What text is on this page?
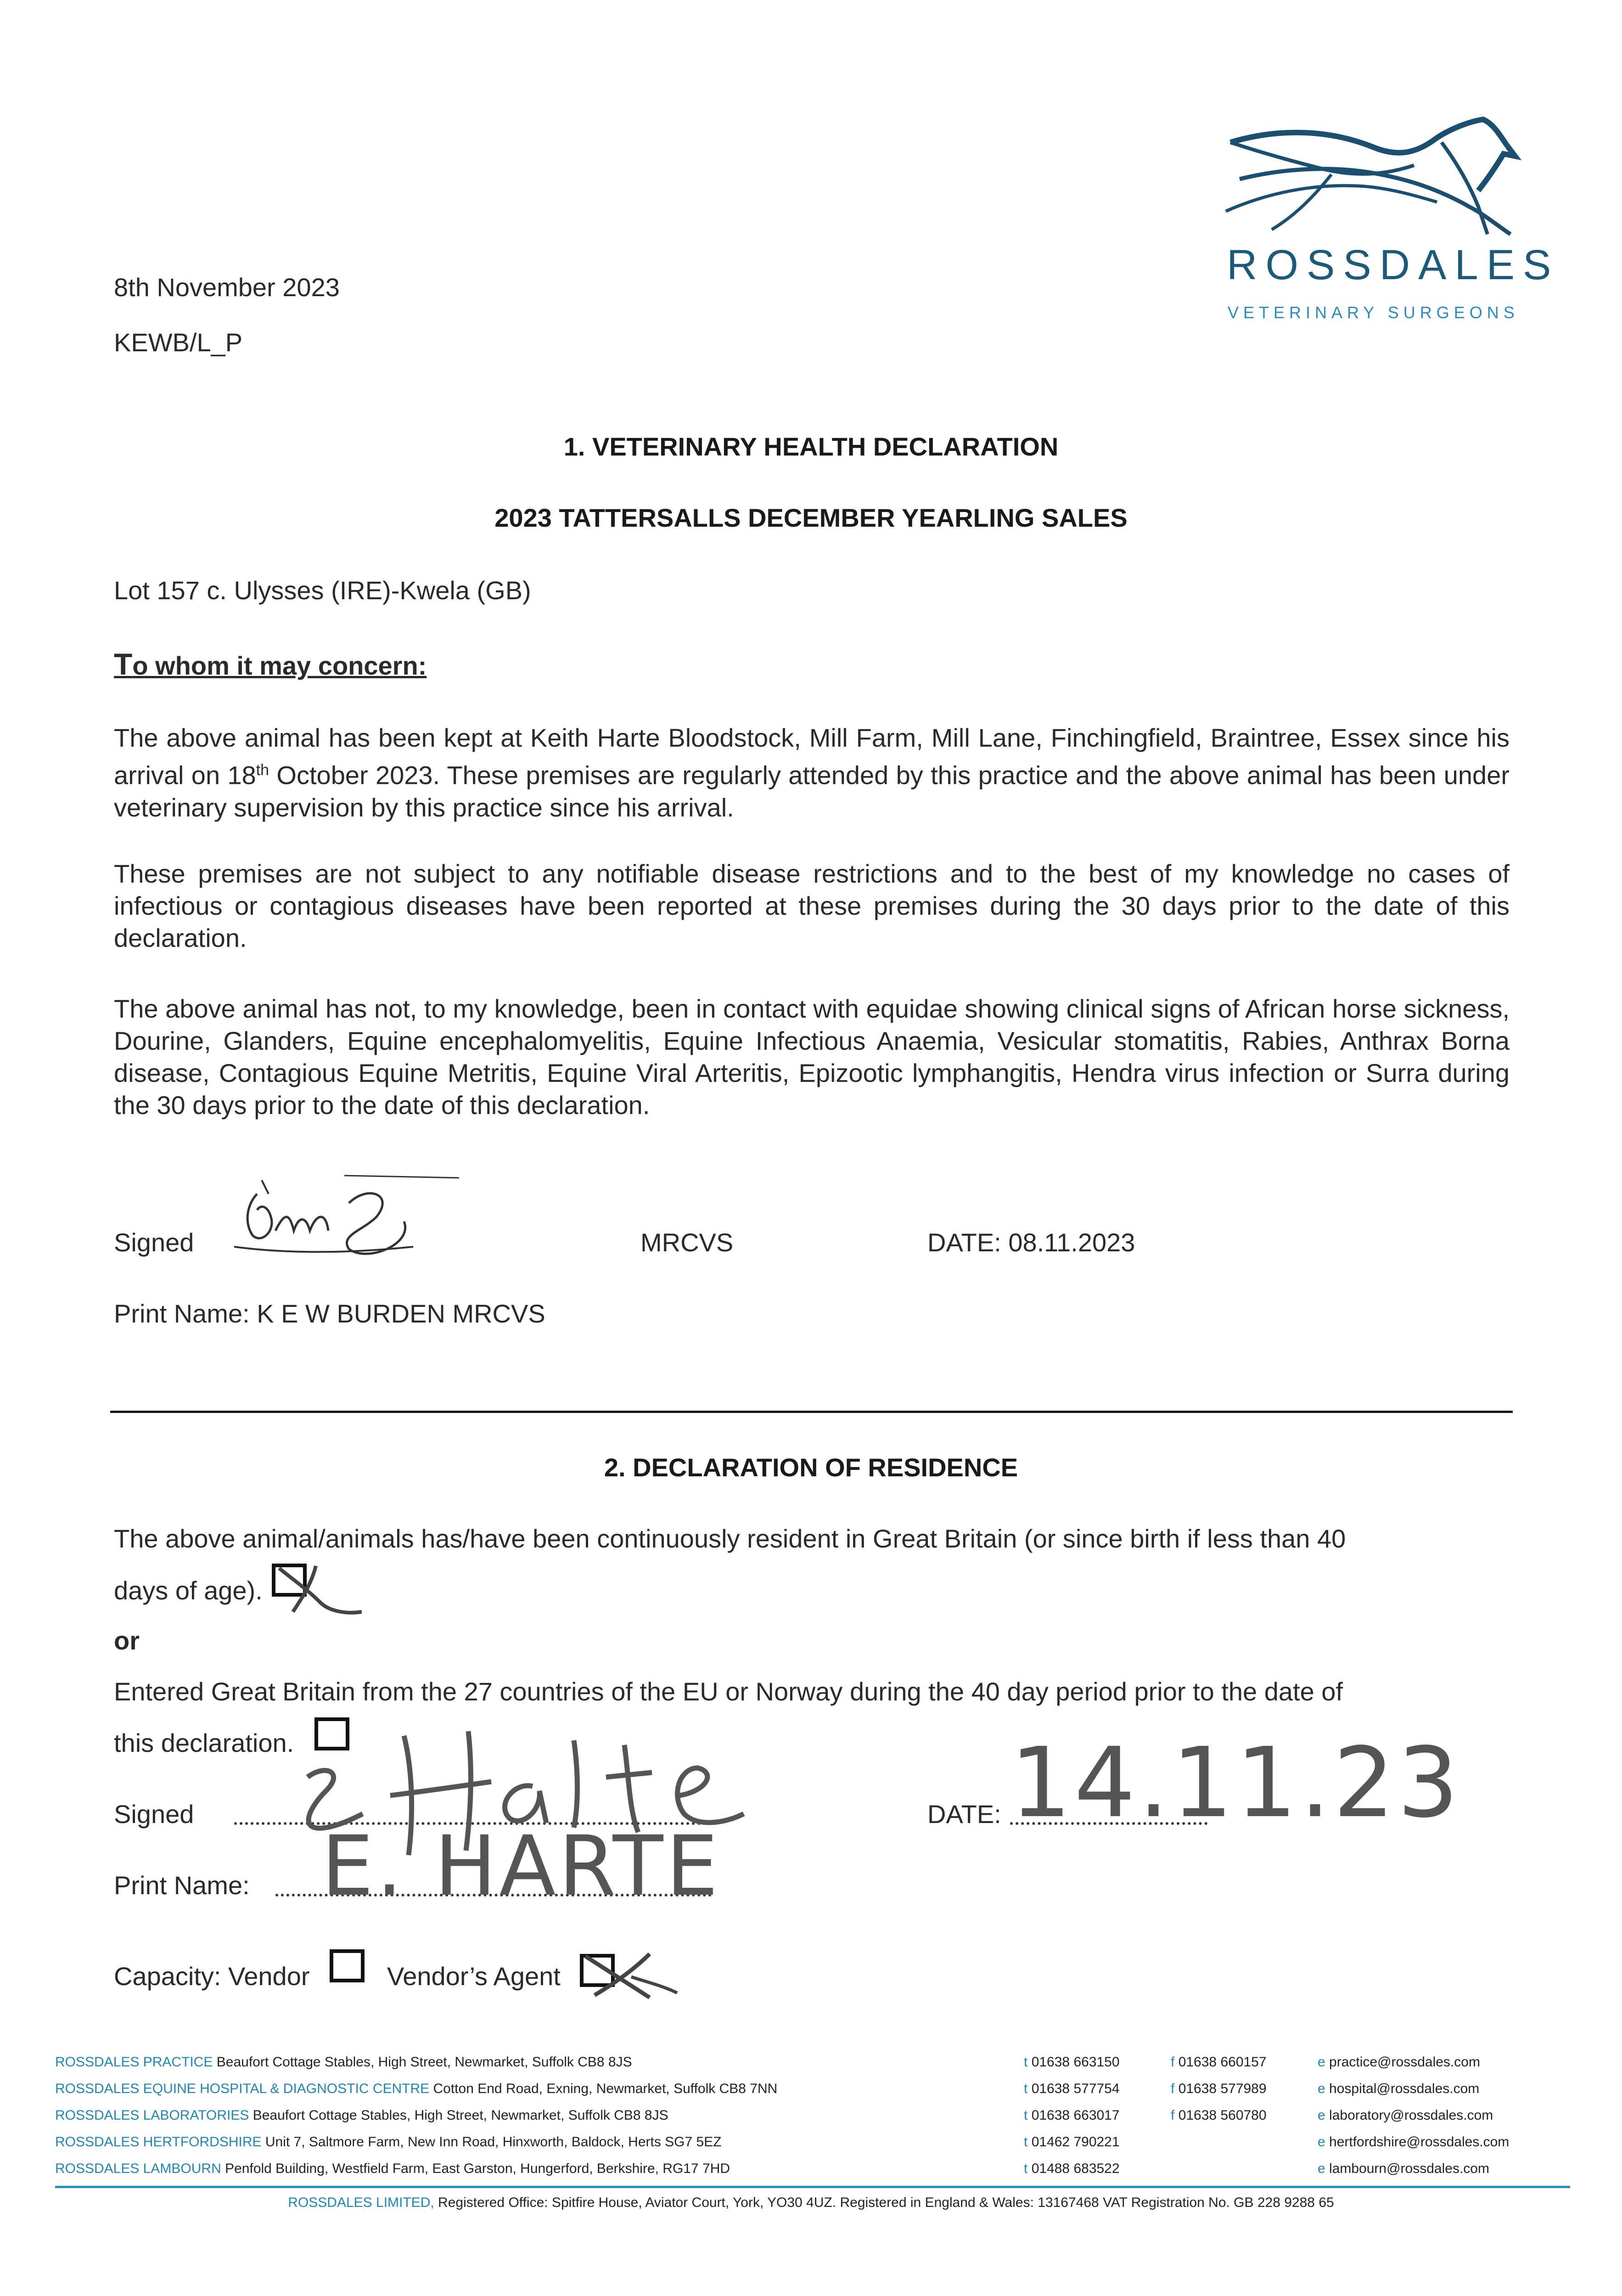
ROSSDALES
VETERINARY SURGEONS
8th November 2023
KEWB/L_P
1. VETERINARY HEALTH DECLARATION
2023 TATTERSALLS DECEMBER YEARLING SALES
Lot 157 c. Ulysses (IRE)-Kwela (GB)
To whom it may concern:
The above animal has been kept at Keith Harte Bloodstock, Mill Farm, Mill Lane, Finchingfield, Braintree, Essex since his arrival on 18th October 2023. These premises are regularly attended by this practice and the above animal has been under veterinary supervision by this practice since his arrival.
These premises are not subject to any notifiable disease restrictions and to the best of my knowledge no cases of infectious or contagious diseases have been reported at these premises during the 30 days prior to the date of this declaration.
The above animal has not, to my knowledge, been in contact with equidae showing clinical signs of African horse sickness, Dourine, Glanders, Equine encephalomyelitis, Equine Infectious Anaemia, Vesicular stomatitis, Rabies, Anthrax Borna disease, Contagious Equine Metritis, Equine Viral Arteritis, Epizootic lymphangitis, Hendra virus infection or Surra during the 30 days prior to the date of this declaration.
Signed	MRCVS	DATE: 08.11.2023
Print Name: K E W BURDEN MRCVS
2. DECLARATION OF RESIDENCE
The above animal/animals has/have been continuously resident in Great Britain (or since birth if less than 40
days of age).
or
Entered Great Britain from the 27 countries of the EU or Norway during the 40 day period prior to the date of
this declaration.
Signed	DATE: 14.11.23
Print Name: E. HARTE
Capacity: Vendor	Vendor’s Agent
ROSSDALES PRACTICE Beaufort Cottage Stables, High Street, Newmarket, Suffolk CB8 8JS	t 01638 663150	f 01638 660157	e practice@rossdales.com
ROSSDALES EQUINE HOSPITAL & DIAGNOSTIC CENTRE Cotton End Road, Exning, Newmarket, Suffolk CB8 7NN	t 01638 577754	f 01638 577989	e hospital@rossdales.com
ROSSDALES LABORATORIES Beaufort Cottage Stables, High Street, Newmarket, Suffolk CB8 8JS	t 01638 663017	f 01638 560780	e laboratory@rossdales.com
ROSSDALES HERTFORDSHIRE Unit 7, Saltmore Farm, New Inn Road, Hinxworth, Baldock, Herts SG7 5EZ	t 01462 790221	e hertfordshire@rossdales.com
ROSSDALES LAMBOURN Penfold Building, Westfield Farm, East Garston, Hungerford, Berkshire, RG17 7HD	t 01488 683522	e lambourn@rossdales.com
ROSSDALES LIMITED, Registered Office: Spitfire House, Aviator Court, York, YO30 4UZ. Registered in England & Wales: 13167468 VAT Registration No. GB 228 9288 65
